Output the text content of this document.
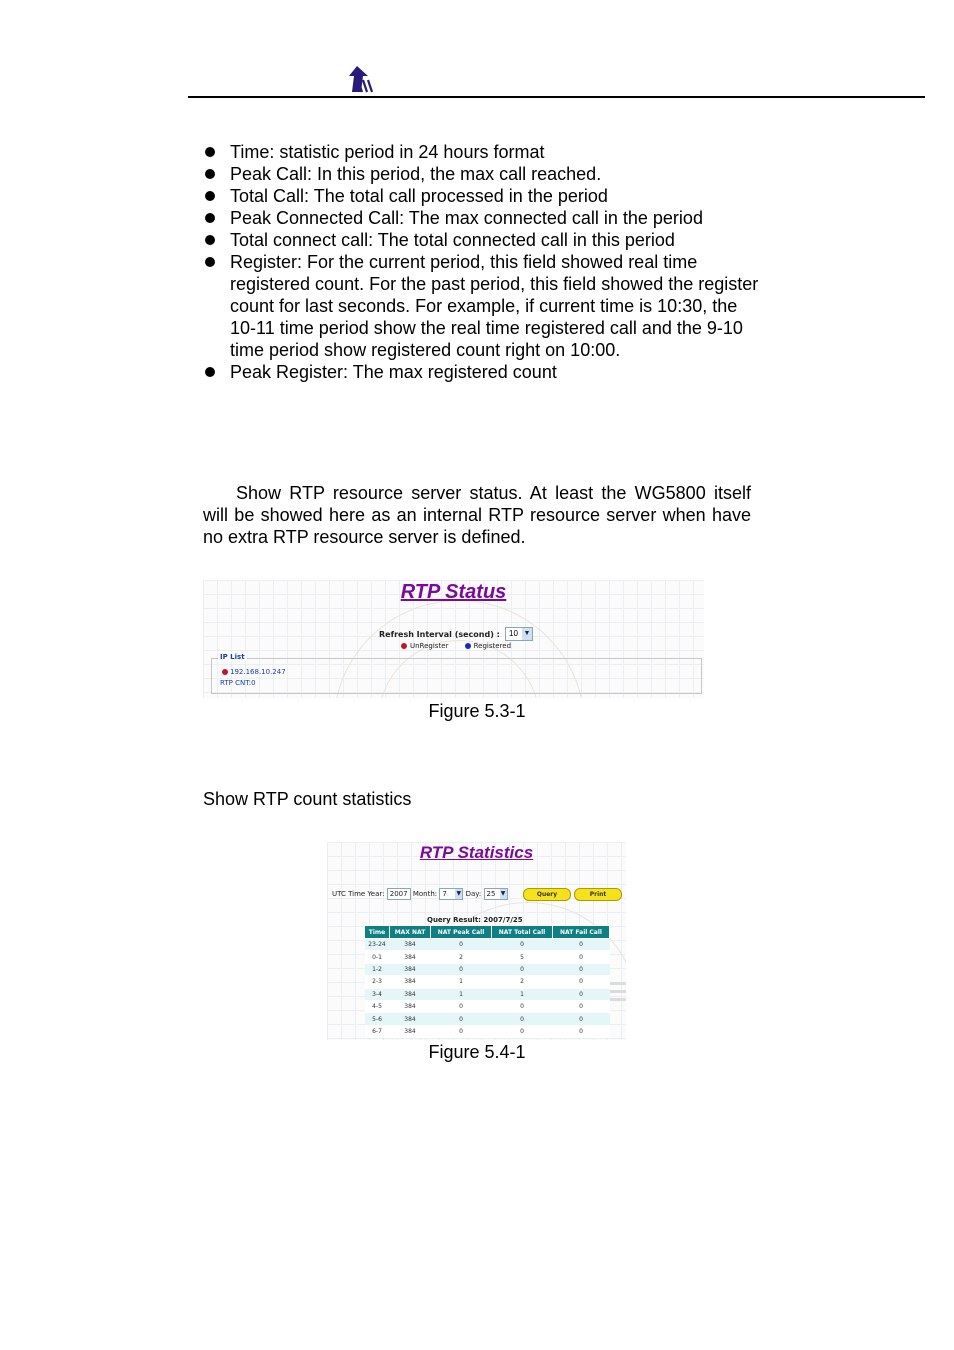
Time: statistic period in 24 hours format
Peak Call: In this period, the max call reached.
Total Call: The total call processed in the period
Peak Connected Call: The max connected call in the period
Total connect call: The total connected call in this period
Register: For the current period, this field showed real time registered count. For the past period, this field showed the register count for last seconds. For example, if current time is 10:30, the 10-11 time period show the real time registered call and the 9-10 time period show registered count right on 10:00.
Peak Register: The max registered count

Show RTP resource server status. At least the WG5800 itself will be showed here as an internal RTP resource server when have no extra RTP resource server is defined.

RTP Status
Refresh Interval (second) :	10 ▼
UnRegister	Registered
IP List
192.168.10.247
RTP CNT:0
Figure 5.3-1

Show RTP count statistics

RTP Statistics
UTC Time Year: 2007 Month: 7 ▼ Day: 25 ▼	Query	Print
Query Result: 2007/7/25
Time	MAX NAT	NAT Peak Call	NAT Total Call	NAT Fail Call
23-24	384	0	0	0
0-1	384	2	5	0
1-2	384	0	0	0
2-3	384	1	2	0
3-4	384	1	1	0
4-5	384	0	0	0
5-6	384	0	0	0
6-7	384	0	0	0
Figure 5.4-1
